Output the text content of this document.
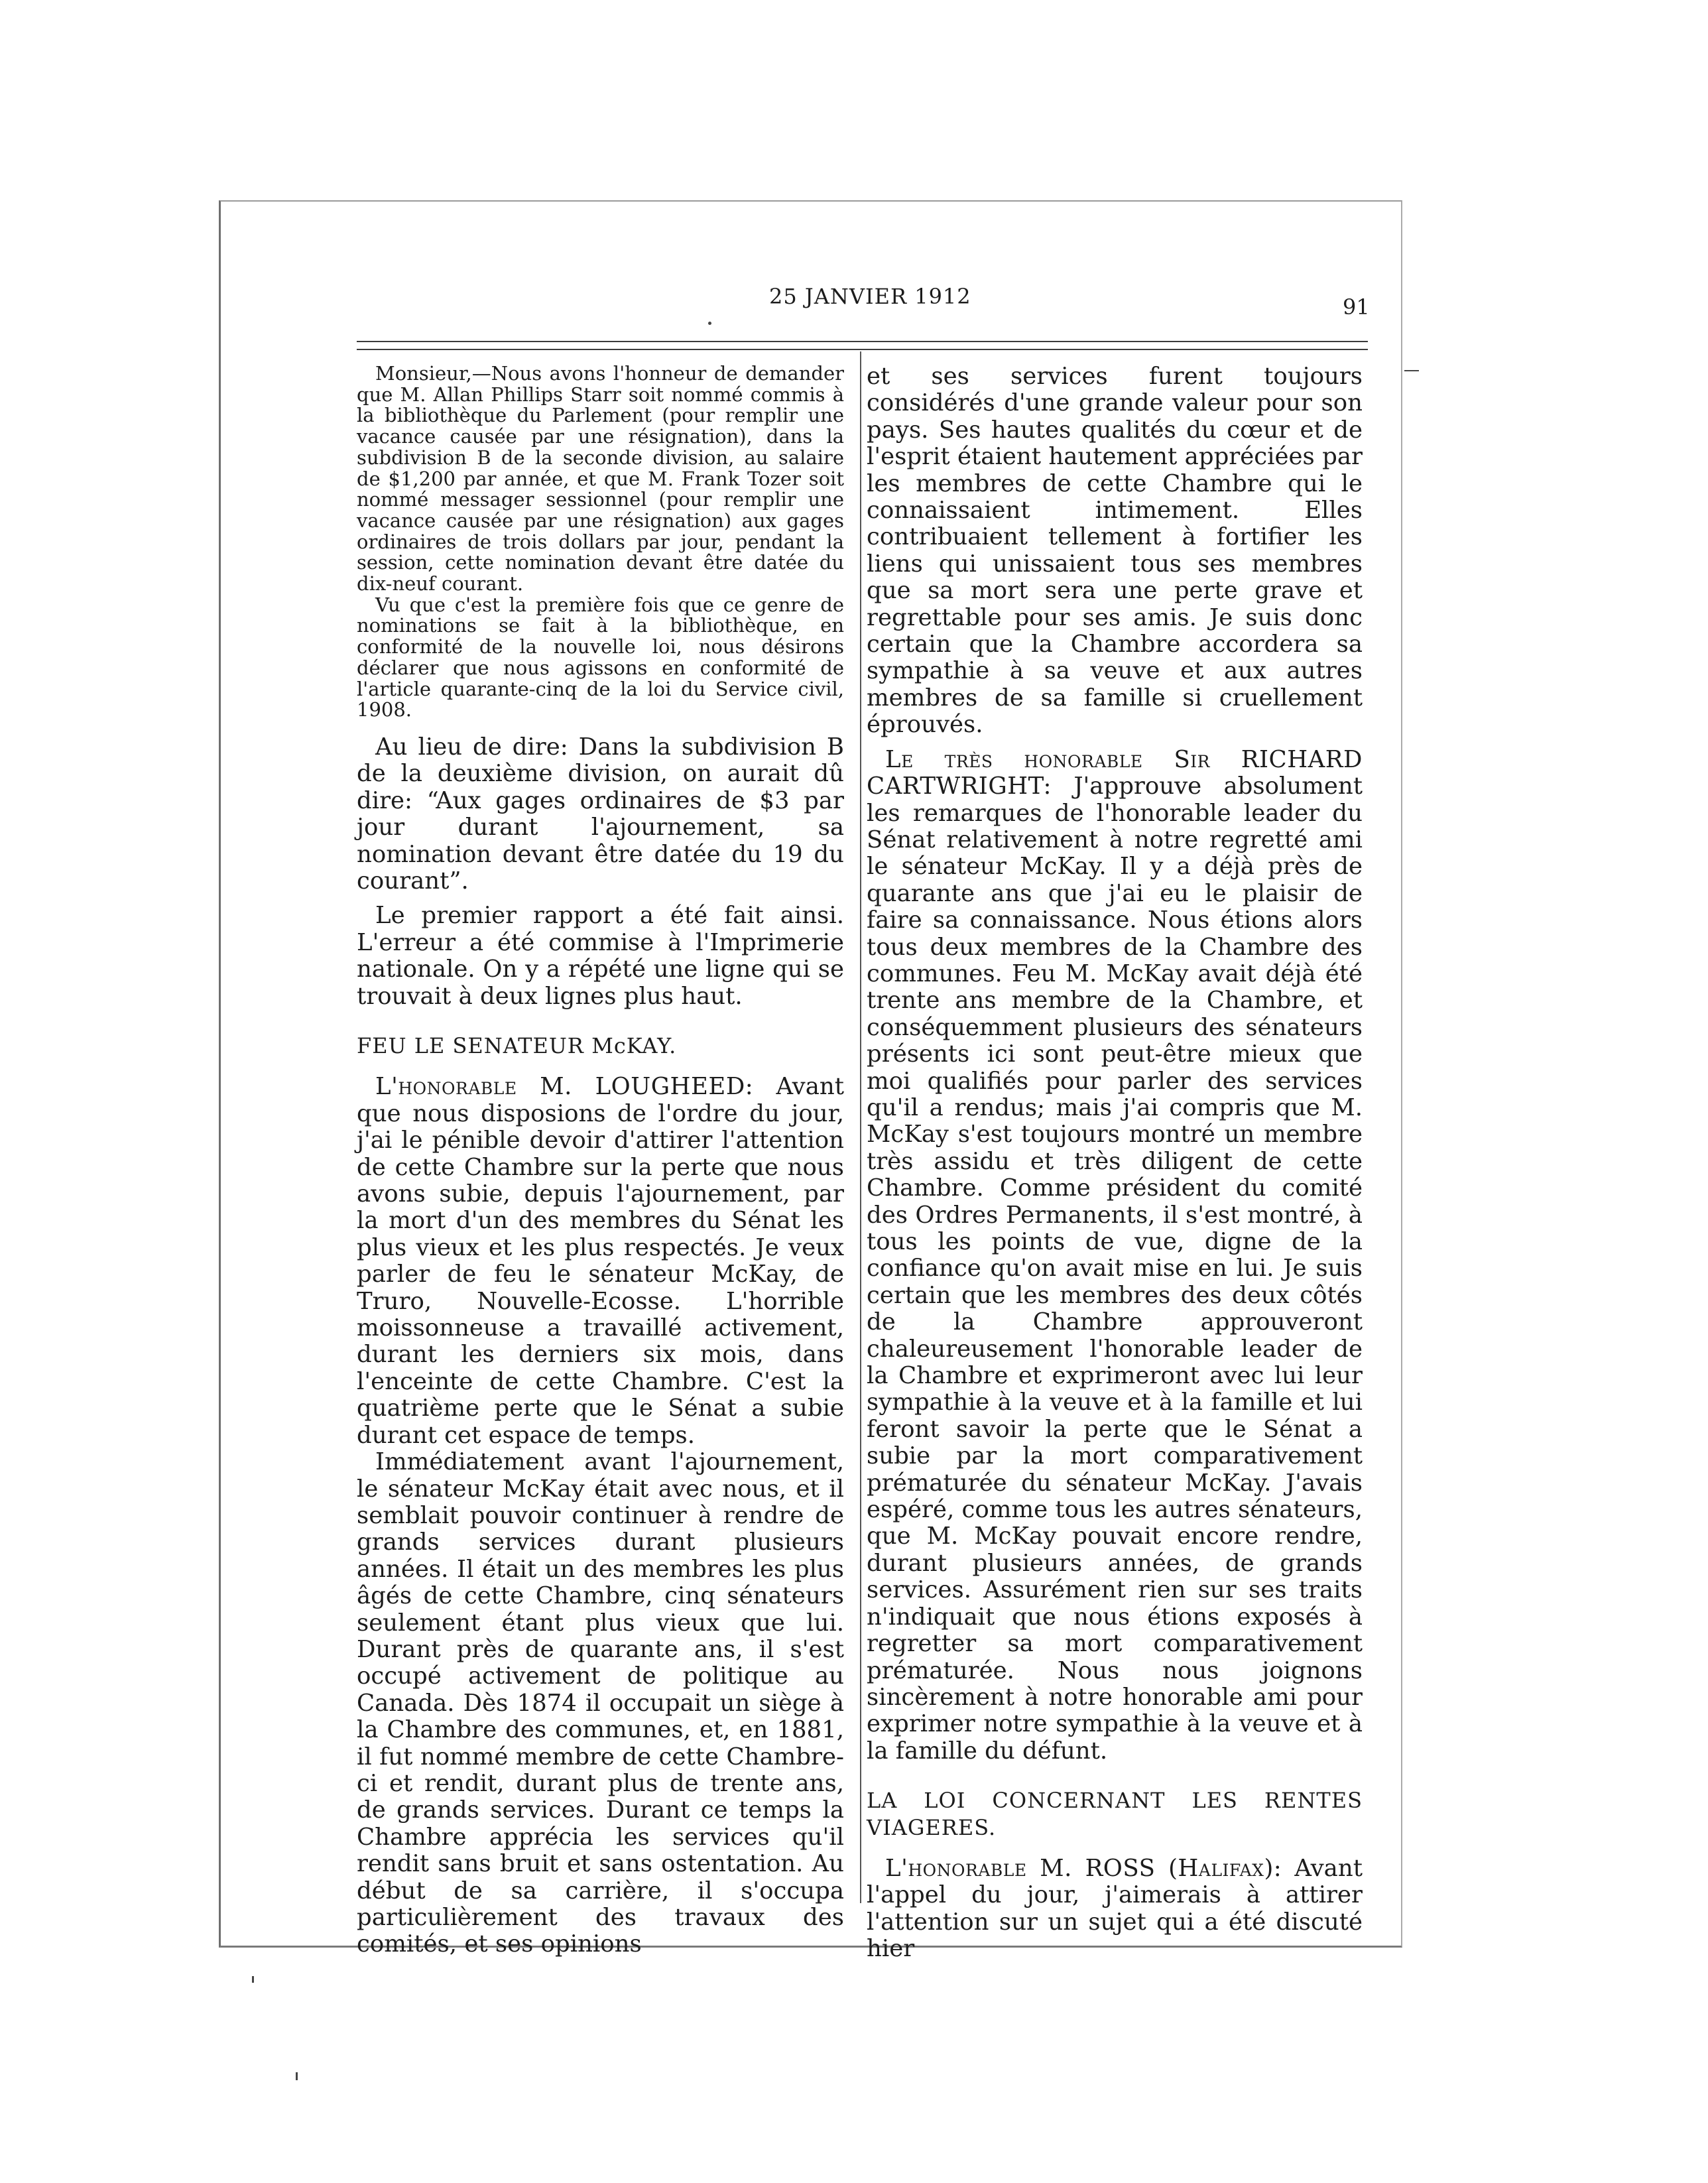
25 JANVIER 1912	91

Monsieur,—Nous avons l'honneur de demander que M. Allan Phillips Starr soit nommé commis à la bibliothèque du Parlement (pour remplir une vacance causée par une résignation), dans la subdivision B de la seconde division, au salaire de $1,200 par année, et que M. Frank Tozer soit nommé messager sessionnel (pour remplir une vacance causée par une résignation) aux gages ordinaires de trois dollars par jour, pendant la session, cette nomination devant être datée du dix-neuf courant.

Vu que c'est la première fois que ce genre de nominations se fait à la bibliothèque, en conformité de la nouvelle loi, nous désirons déclarer que nous agissons en conformité de l'article quarante-cinq de la loi du Service civil, 1908.

Au lieu de dire: Dans la subdivision B de la deuxième division, on aurait dû dire: “Aux gages ordinaires de $3 par jour durant l'ajournement, sa nomination devant être datée du 19 du courant”.

Le premier rapport a été fait ainsi. L'erreur a été commise à l'Imprimerie nationale. On y a répété une ligne qui se trouvait à deux lignes plus haut.

FEU LE SENATEUR McKAY.

L'honorable M. LOUGHEED: Avant que nous disposions de l'ordre du jour, j'ai le pénible devoir d'attirer l'attention de cette Chambre sur la perte que nous avons subie, depuis l'ajournement, par la mort d'un des membres du Sénat les plus vieux et les plus respectés. Je veux parler de feu le sénateur McKay, de Truro, Nouvelle-Ecosse. L'horrible moissonneuse a travaillé activement, durant les derniers six mois, dans l'enceinte de cette Chambre. C'est la quatrième perte que le Sénat a subie durant cet espace de temps.

Immédiatement avant l'ajournement, le sénateur McKay était avec nous, et il semblait pouvoir continuer à rendre de grands services durant plusieurs années. Il était un des membres les plus âgés de cette Chambre, cinq sénateurs seulement étant plus vieux que lui. Durant près de quarante ans, il s'est occupé activement de politique au Canada. Dès 1874 il occupait un siège à la Chambre des communes, et, en 1881, il fut nommé membre de cette Chambre-ci et rendit, durant plus de trente ans, de grands services. Durant ce temps la Chambre apprécia les services qu'il rendit sans bruit et sans ostentation. Au début de sa carrière, il s'occupa particulièrement des travaux des comités, et ses opinions

et ses services furent toujours considérés d'une grande valeur pour son pays. Ses hautes qualités du cœur et de l'esprit étaient hautement appréciées par les membres de cette Chambre qui le connaissaient intimement. Elles contribuaient tellement à fortifier les liens qui unissaient tous ses membres que sa mort sera une perte grave et regrettable pour ses amis. Je suis donc certain que la Chambre accordera sa sympathie à sa veuve et aux autres membres de sa famille si cruellement éprouvés.

Le très honorable Sir RICHARD CARTWRIGHT: J'approuve absolument les remarques de l'honorable leader du Sénat relativement à notre regretté ami le sénateur McKay. Il y a déjà près de quarante ans que j'ai eu le plaisir de faire sa connaissance. Nous étions alors tous deux membres de la Chambre des communes. Feu M. McKay avait déjà été trente ans membre de la Chambre, et conséquemment plusieurs des sénateurs présents ici sont peut-être mieux que moi qualifiés pour parler des services qu'il a rendus; mais j'ai compris que M. McKay s'est toujours montré un membre très assidu et très diligent de cette Chambre. Comme président du comité des Ordres Permanents, il s'est montré, à tous les points de vue, digne de la confiance qu'on avait mise en lui. Je suis certain que les membres des deux côtés de la Chambre approuveront chaleureusement l'honorable leader de la Chambre et exprimeront avec lui leur sympathie à la veuve et à la famille et lui feront savoir la perte que le Sénat a subie par la mort comparativement prématurée du sénateur McKay. J'avais espéré, comme tous les autres sénateurs, que M. McKay pouvait encore rendre, durant plusieurs années, de grands services. Assurément rien sur ses traits n'indiquait que nous étions exposés à regretter sa mort comparativement prématurée. Nous nous joignons sincèrement à notre honorable ami pour exprimer notre sympathie à la veuve et à la famille du défunt.

LA LOI CONCERNANT LES RENTES VIAGERES.

L'honorable M. ROSS (Halifax): Avant l'appel du jour, j'aimerais à attirer l'attention sur un sujet qui a été discuté hier
